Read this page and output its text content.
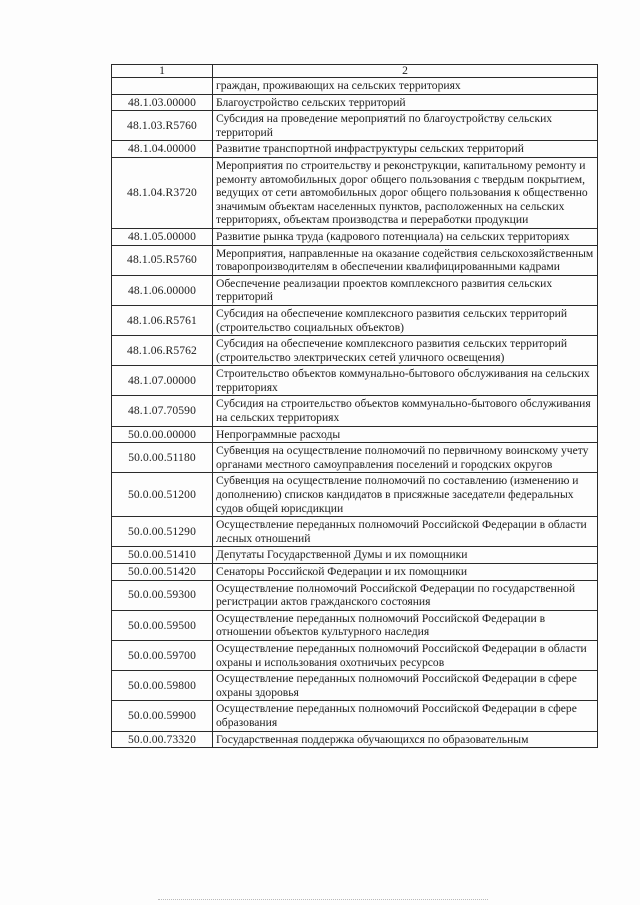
1	2
	граждан, проживающих на сельских территориях
48.1.03.00000	Благоустройство сельских территорий
48.1.03.R5760	Субсидия на проведение мероприятий по благоустройству сельских территорий
48.1.04.00000	Развитие транспортной инфраструктуры сельских территорий
48.1.04.R3720	Мероприятия по строительству и реконструкции, капитальному ремонту и ремонту автомобильных дорог общего пользования с твердым покрытием, ведущих от сети автомобильных дорог общего пользования к общественно значимым объектам населенных пунктов, расположенных на сельских территориях, объектам производства и переработки продукции
48.1.05.00000	Развитие рынка труда (кадрового потенциала) на сельских территориях
48.1.05.R5760	Мероприятия, направленные на оказание содействия сельскохозяйственным товаропроизводителям в обеспечении квалифицированными кадрами
48.1.06.00000	Обеспечение реализации проектов комплексного развития сельских территорий
48.1.06.R5761	Субсидия на обеспечение комплексного развития сельских территорий (строительство социальных объектов)
48.1.06.R5762	Субсидия на обеспечение комплексного развития сельских территорий (строительство электрических сетей уличного освещения)
48.1.07.00000	Строительство объектов коммунально-бытового обслуживания на сельских территориях
48.1.07.70590	Субсидия на строительство объектов коммунально-бытового обслуживания на сельских территориях
50.0.00.00000	Непрограммные расходы
50.0.00.51180	Субвенция на осуществление полномочий по первичному воинскому учету органами местного самоуправления поселений и городских округов
50.0.00.51200	Субвенция на осуществление полномочий по составлению (изменению и дополнению) списков кандидатов в присяжные заседатели федеральных судов общей юрисдикции
50.0.00.51290	Осуществление переданных полномочий Российской Федерации в области лесных отношений
50.0.00.51410	Депутаты Государственной Думы и их помощники
50.0.00.51420	Сенаторы Российской Федерации и их помощники
50.0.00.59300	Осуществление полномочий Российской Федерации по государственной регистрации актов гражданского состояния
50.0.00.59500	Осуществление переданных полномочий Российской Федерации в отношении объектов культурного наследия
50.0.00.59700	Осуществление переданных полномочий Российской Федерации в области охраны и использования охотничьих ресурсов
50.0.00.59800	Осуществление переданных полномочий Российской Федерации в сфере охраны здоровья
50.0.00.59900	Осуществление переданных полномочий Российской Федерации в сфере образования
50.0.00.73320	Государственная поддержка обучающихся по образовательным
